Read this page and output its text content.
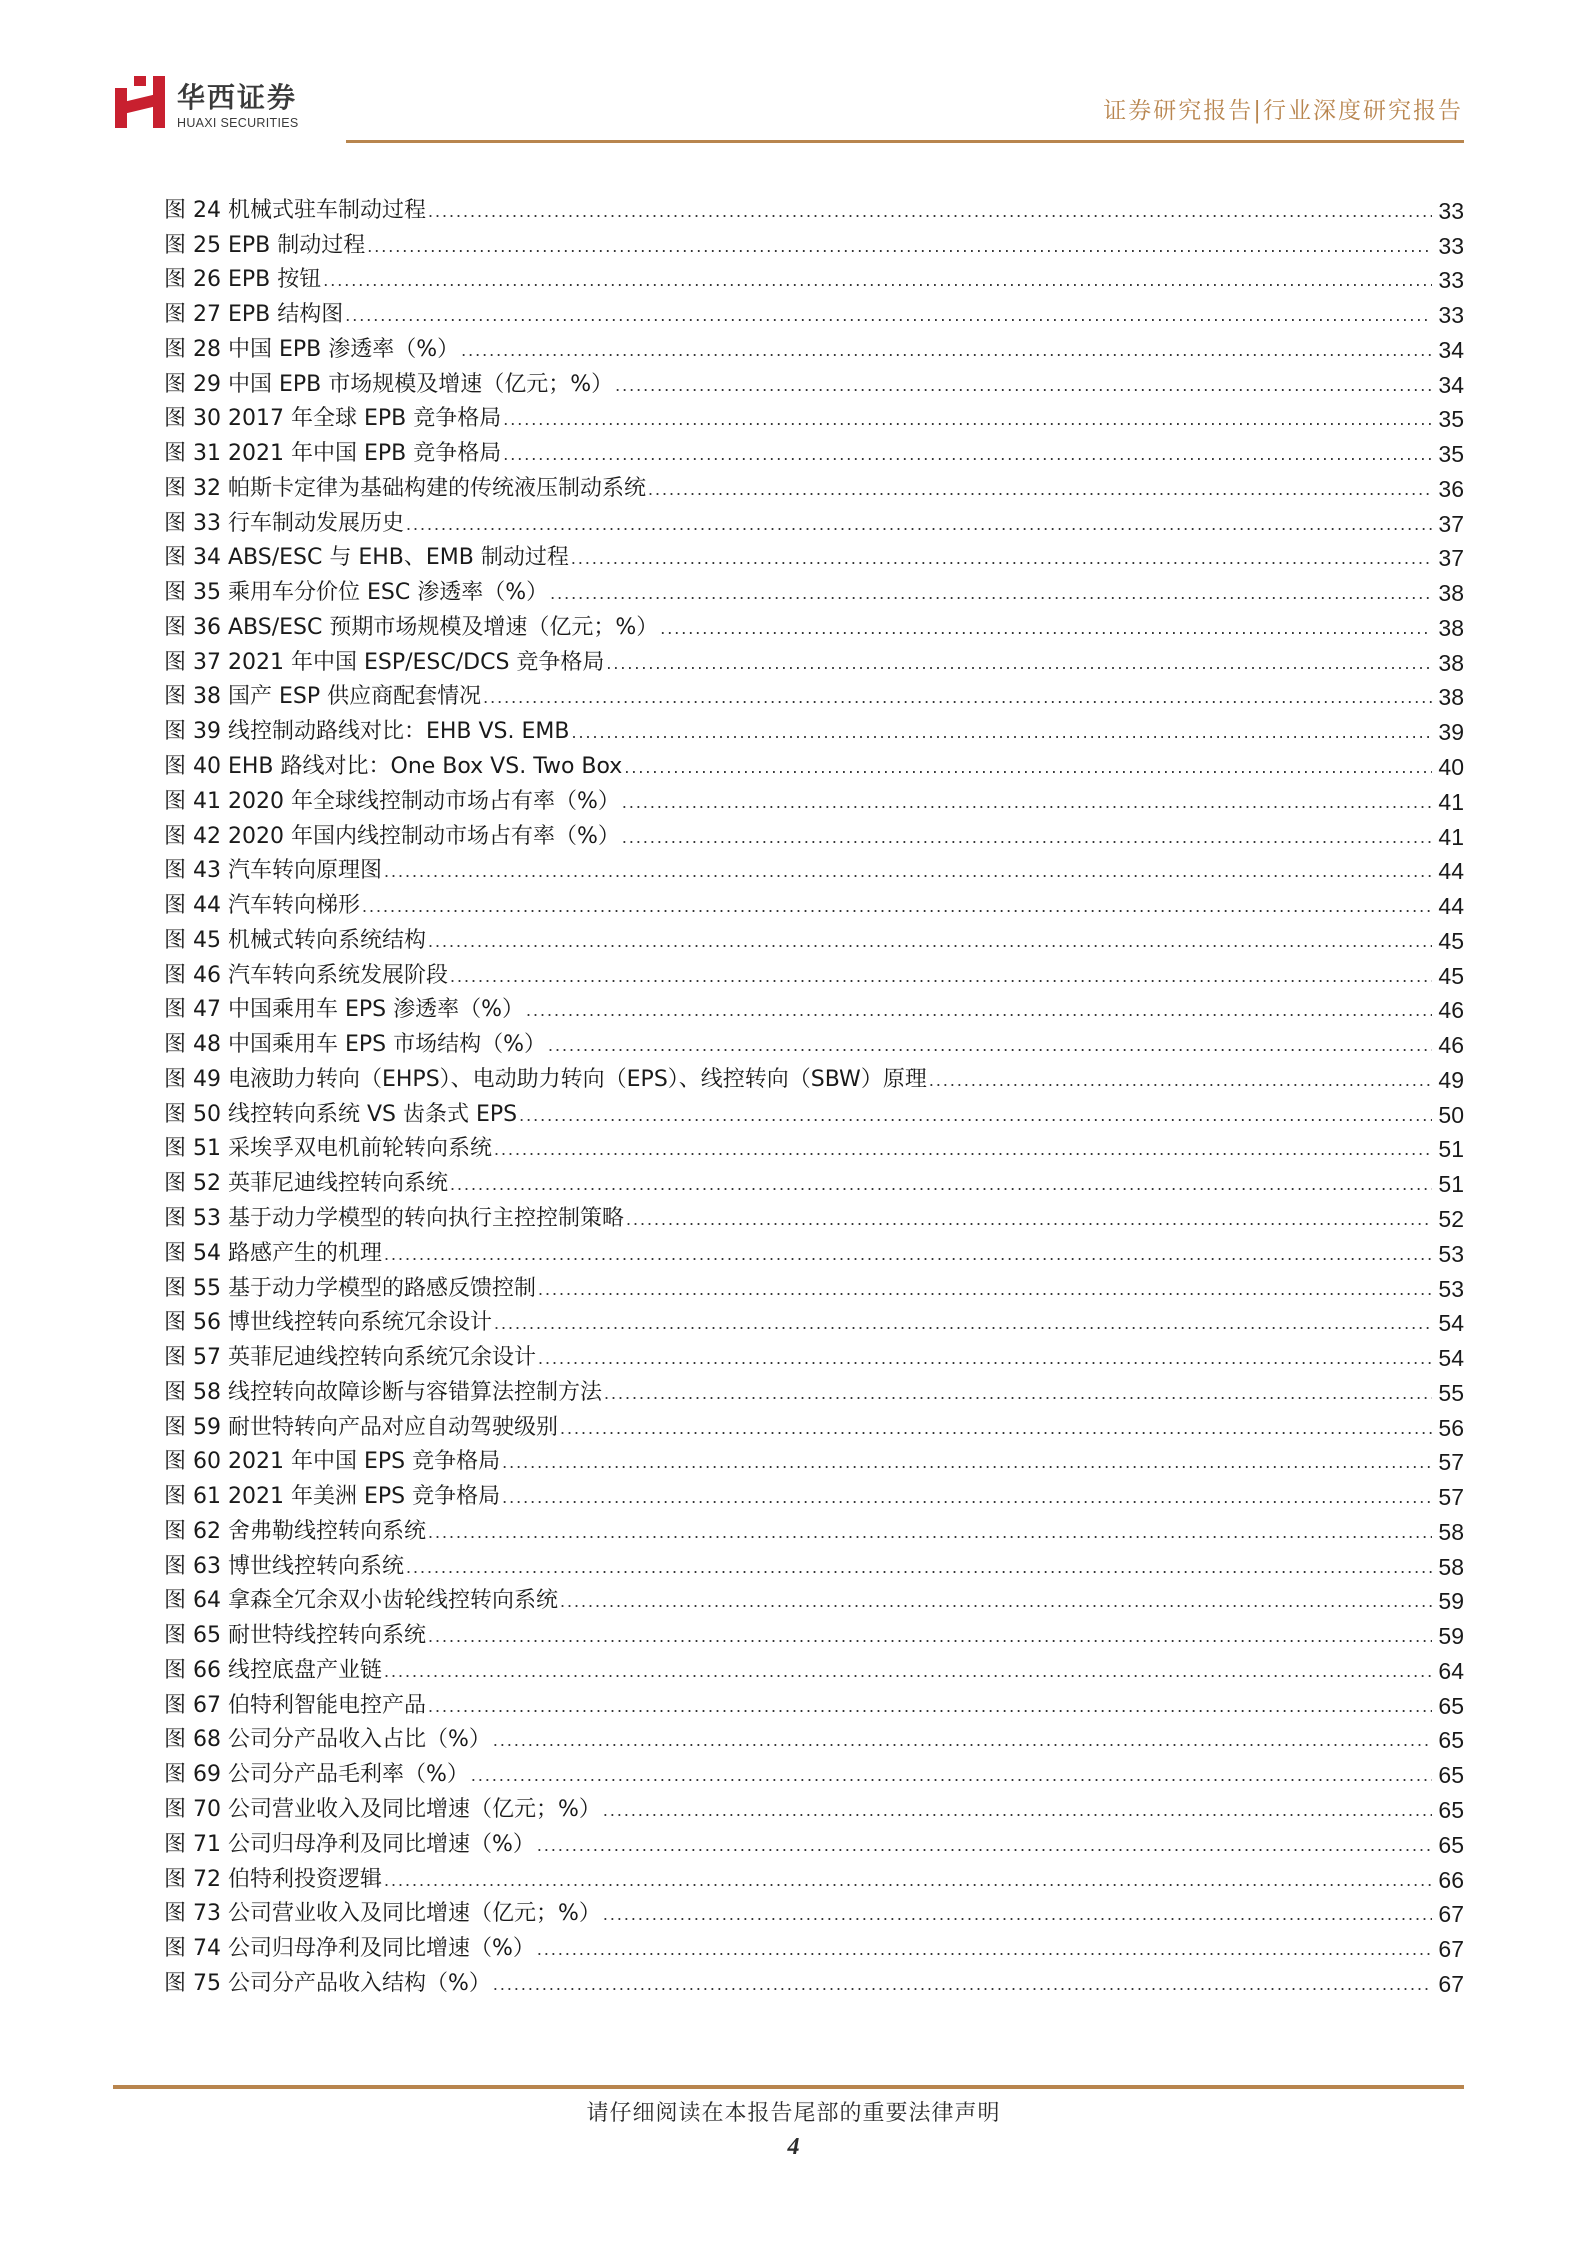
华西证券
HUAXI SECURITIES	证券研究报告|行业深度研究报告
图 24 机械式驻车制动过程 .....	33
图 25 EPB 制动过程 .....	33
图 26 EPB 按钮 .....	33
图 27 EPB 结构图 .....	33
图 28 中国 EPB 渗透率（%） .....	34
图 29 中国 EPB 市场规模及增速（亿元；%） .....	34
图 30 2017 年全球 EPB 竞争格局 .....	35
图 31 2021 年中国 EPB 竞争格局 .....	35
图 32 帕斯卡定律为基础构建的传统液压制动系统 .....	36
图 33 行车制动发展历史 .....	37
图 34 ABS/ESC 与 EHB、EMB 制动过程 .....	37
图 35 乘用车分价位 ESC 渗透率（%） .....	38
图 36 ABS/ESC 预期市场规模及增速（亿元；%） .....	38
图 37 2021 年中国 ESP/ESC/DCS 竞争格局 .....	38
图 38 国产 ESP 供应商配套情况 .....	38
图 39 线控制动路线对比：EHB VS. EMB .....	39
图 40 EHB 路线对比：One Box VS. Two Box .....	40
图 41 2020 年全球线控制动市场占有率（%） .....	41
图 42 2020 年国内线控制动市场占有率（%） .....	41
图 43 汽车转向原理图 .....	44
图 44 汽车转向梯形 .....	44
图 45 机械式转向系统结构 .....	45
图 46 汽车转向系统发展阶段 .....	45
图 47 中国乘用车 EPS 渗透率（%） .....	46
图 48 中国乘用车 EPS 市场结构（%） .....	46
图 49 电液助力转向（EHPS）、电动助力转向（EPS）、线控转向（SBW）原理 .....	49
图 50 线控转向系统 VS 齿条式 EPS .....	50
图 51 采埃孚双电机前轮转向系统 .....	51
图 52 英菲尼迪线控转向系统 .....	51
图 53 基于动力学模型的转向执行主控控制策略 .....	52
图 54 路感产生的机理 .....	53
图 55 基于动力学模型的路感反馈控制 .....	53
图 56 博世线控转向系统冗余设计 .....	54
图 57 英菲尼迪线控转向系统冗余设计 .....	54
图 58 线控转向故障诊断与容错算法控制方法 .....	55
图 59 耐世特转向产品对应自动驾驶级别 .....	56
图 60 2021 年中国 EPS 竞争格局 .....	57
图 61 2021 年美洲 EPS 竞争格局 .....	57
图 62 舍弗勒线控转向系统 .....	58
图 63 博世线控转向系统 .....	58
图 64 拿森全冗余双小齿轮线控转向系统 .....	59
图 65 耐世特线控转向系统 .....	59
图 66 线控底盘产业链 .....	64
图 67 伯特利智能电控产品 .....	65
图 68 公司分产品收入占比（%） .....	65
图 69 公司分产品毛利率（%） .....	65
图 70 公司营业收入及同比增速（亿元；%） .....	65
图 71 公司归母净利及同比增速（%） .....	65
图 72 伯特利投资逻辑 .....	66
图 73 公司营业收入及同比增速（亿元；%） .....	67
图 74 公司归母净利及同比增速（%） .....	67
图 75 公司分产品收入结构（%） .....	67
请仔细阅读在本报告尾部的重要法律声明
4
